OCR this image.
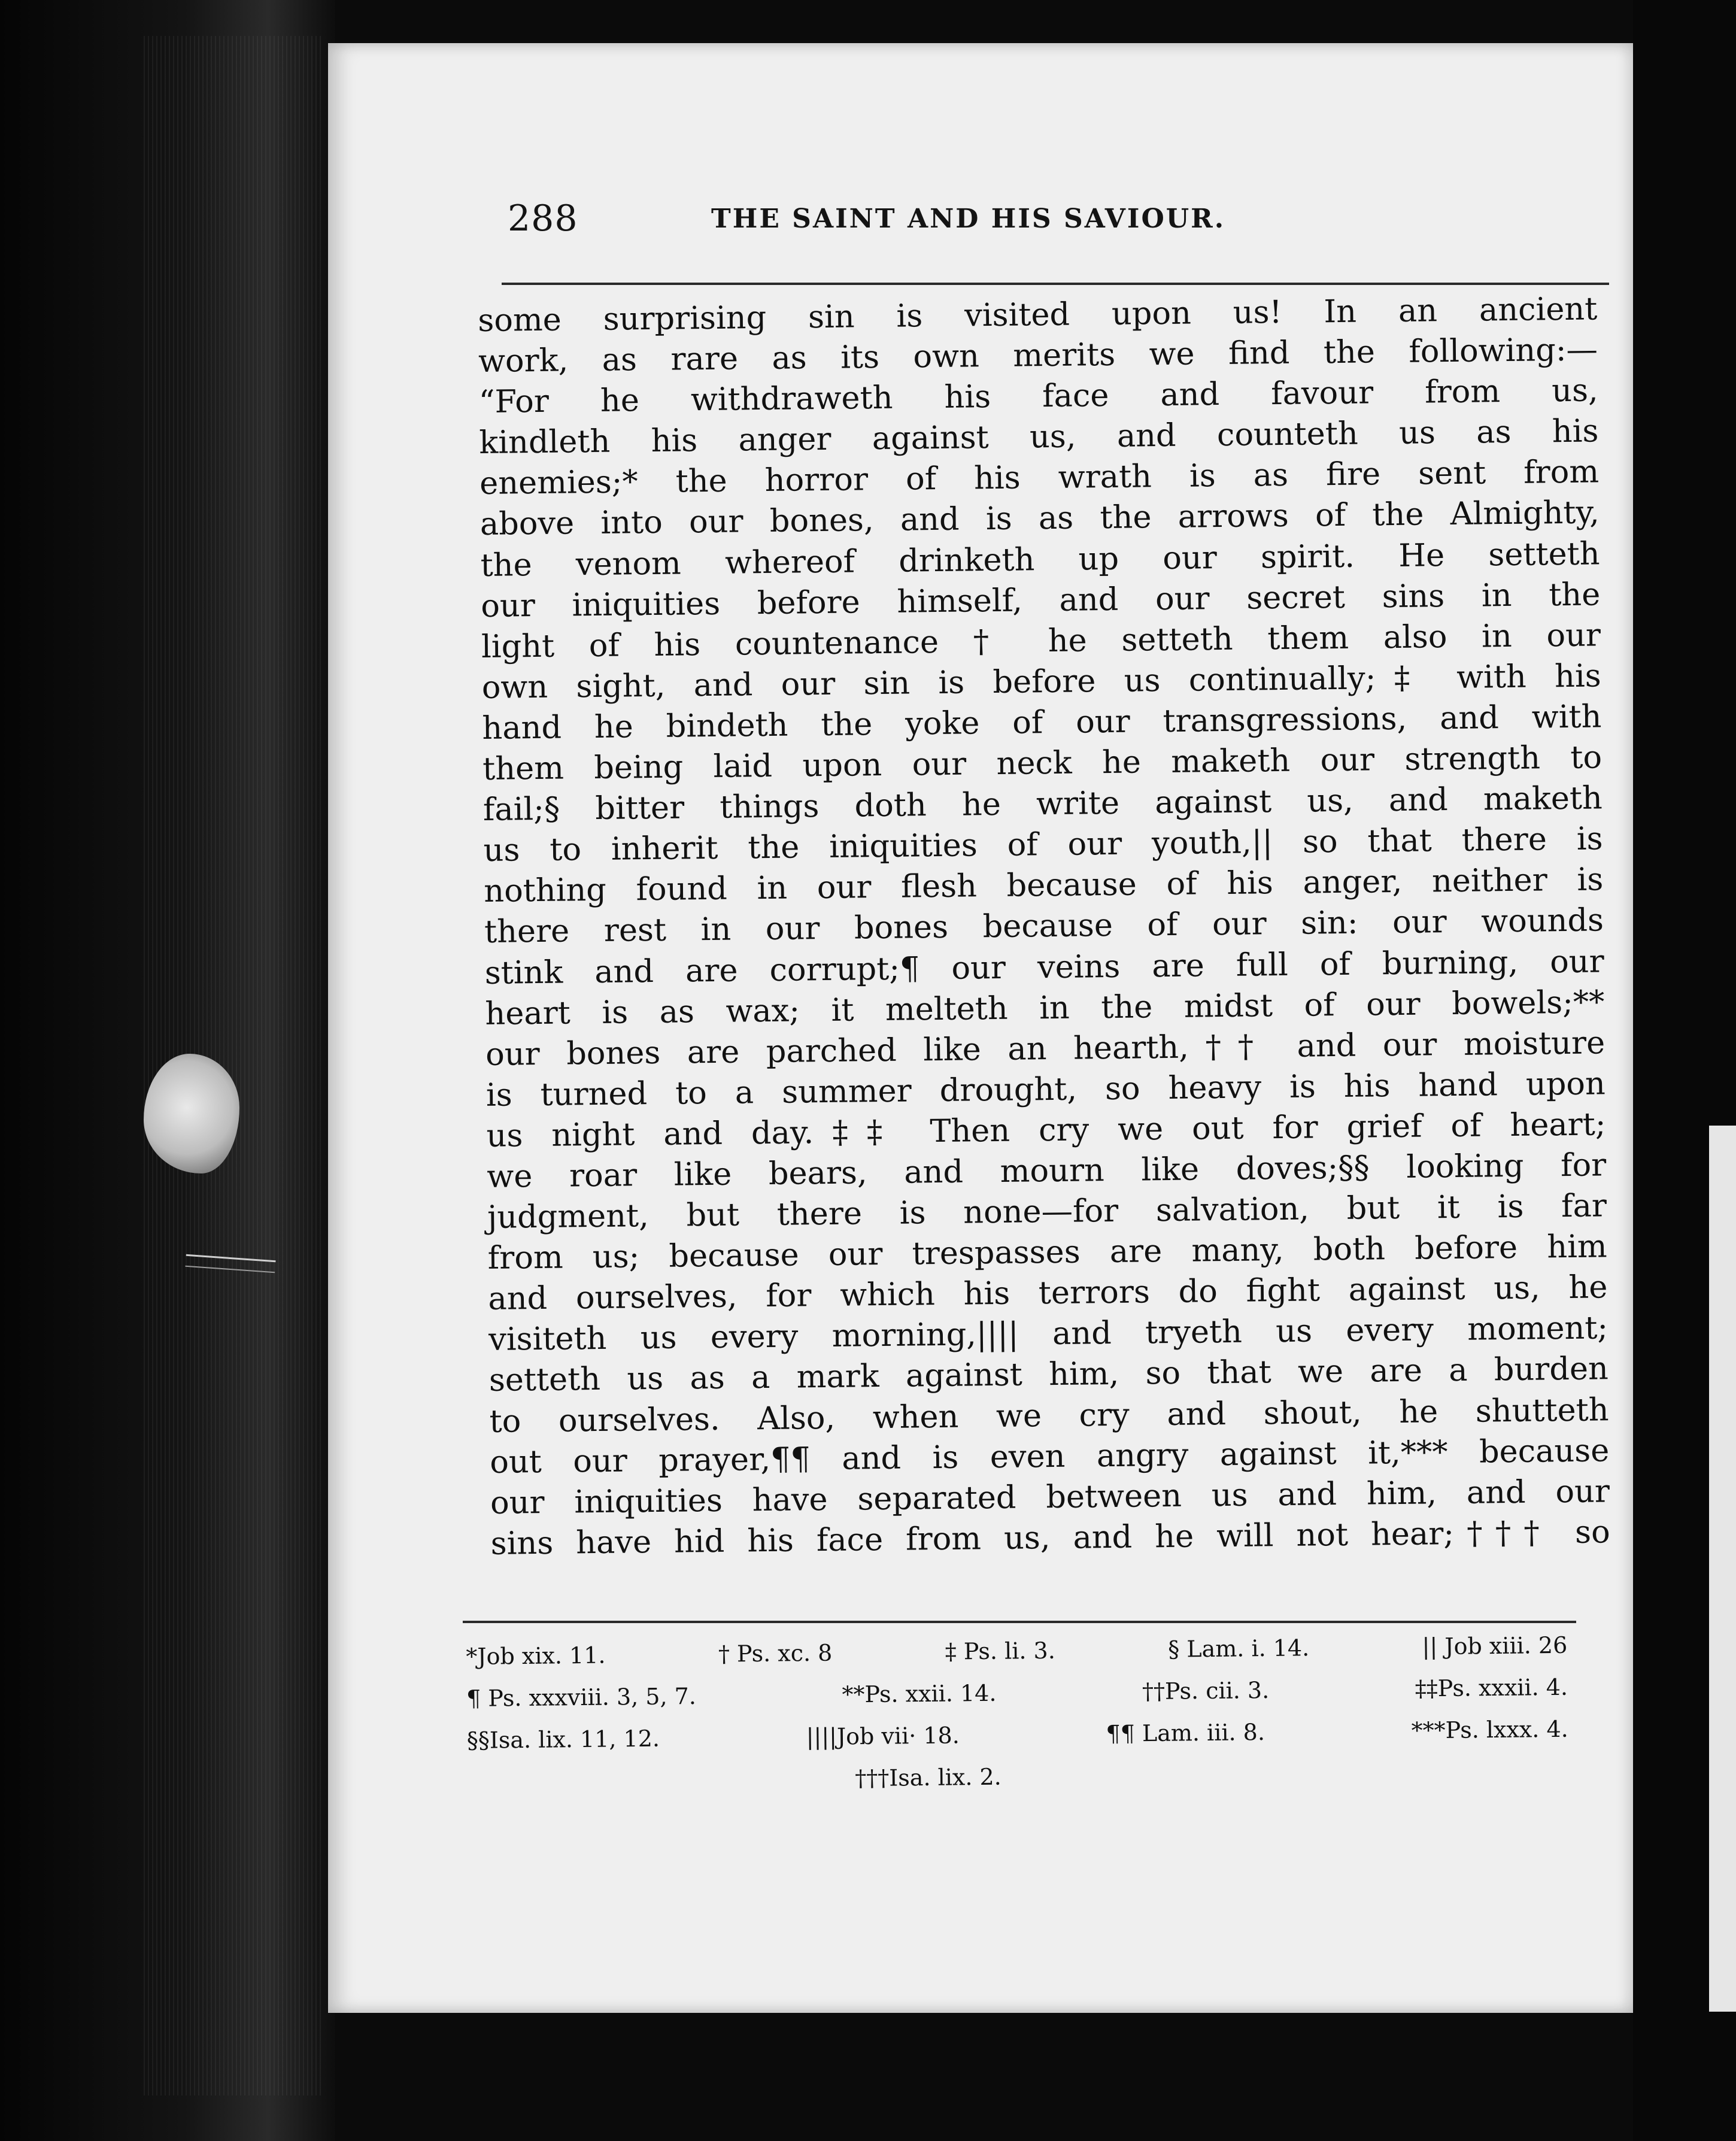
288	THE SAINT AND HIS SAVIOUR.
some surprising sin is visited upon us! In an ancient
work, as rare as its own merits we find the following:—
“For he withdraweth his face and favour from us,
kindleth his anger against us, and counteth us as his
enemies;* the horror of his wrath is as fire sent from
above into our bones, and is as the arrows of the Almighty,
the venom whereof drinketh up our spirit. He setteth
our iniquities before himself, and our secret sins in the
light of his countenance † he setteth them also in our
own sight, and our sin is before us continually;‡ with his
hand he bindeth the yoke of our transgressions, and with
them being laid upon our neck he maketh our strength to
fail;§ bitter things doth he write against us, and maketh
us to inherit the iniquities of our youth,|| so that there is
nothing found in our flesh because of his anger, neither is
there rest in our bones because of our sin: our wounds
stink and are corrupt;¶ our veins are full of burning, our
heart is as wax; it melteth in the midst of our bowels;**
our bones are parched like an hearth,†† and our moisture
is turned to a summer drought, so heavy is his hand upon
us night and day.‡‡ Then cry we out for grief of heart;
we roar like bears, and mourn like doves;§§ looking for
judgment, but there is none—for salvation, but it is far
from us; because our trespasses are many, both before him
and ourselves, for which his terrors do fight against us, he
visiteth us every morning,|||| and tryeth us every moment;
setteth us as a mark against him, so that we are a burden
to ourselves. Also, when we cry and shout, he shutteth
out our prayer,¶¶ and is even angry against it,*** because
our iniquities have separated between us and him, and our
sins have hid his face from us, and he will not hear;††† so
*Job xix. 11.	† Ps. xc. 8	‡ Ps. li. 3.	§ Lam. i. 14.	|| Job xiii. 26
¶ Ps. xxxviii. 3, 5, 7.	**Ps. xxii. 14.	††Ps. cii. 3.	‡‡Ps. xxxii. 4.
§§Isa. lix. 11, 12.	||||Job vii· 18.	¶¶ Lam. iii. 8.	***Ps. lxxx. 4.
†††Isa. lix. 2.
